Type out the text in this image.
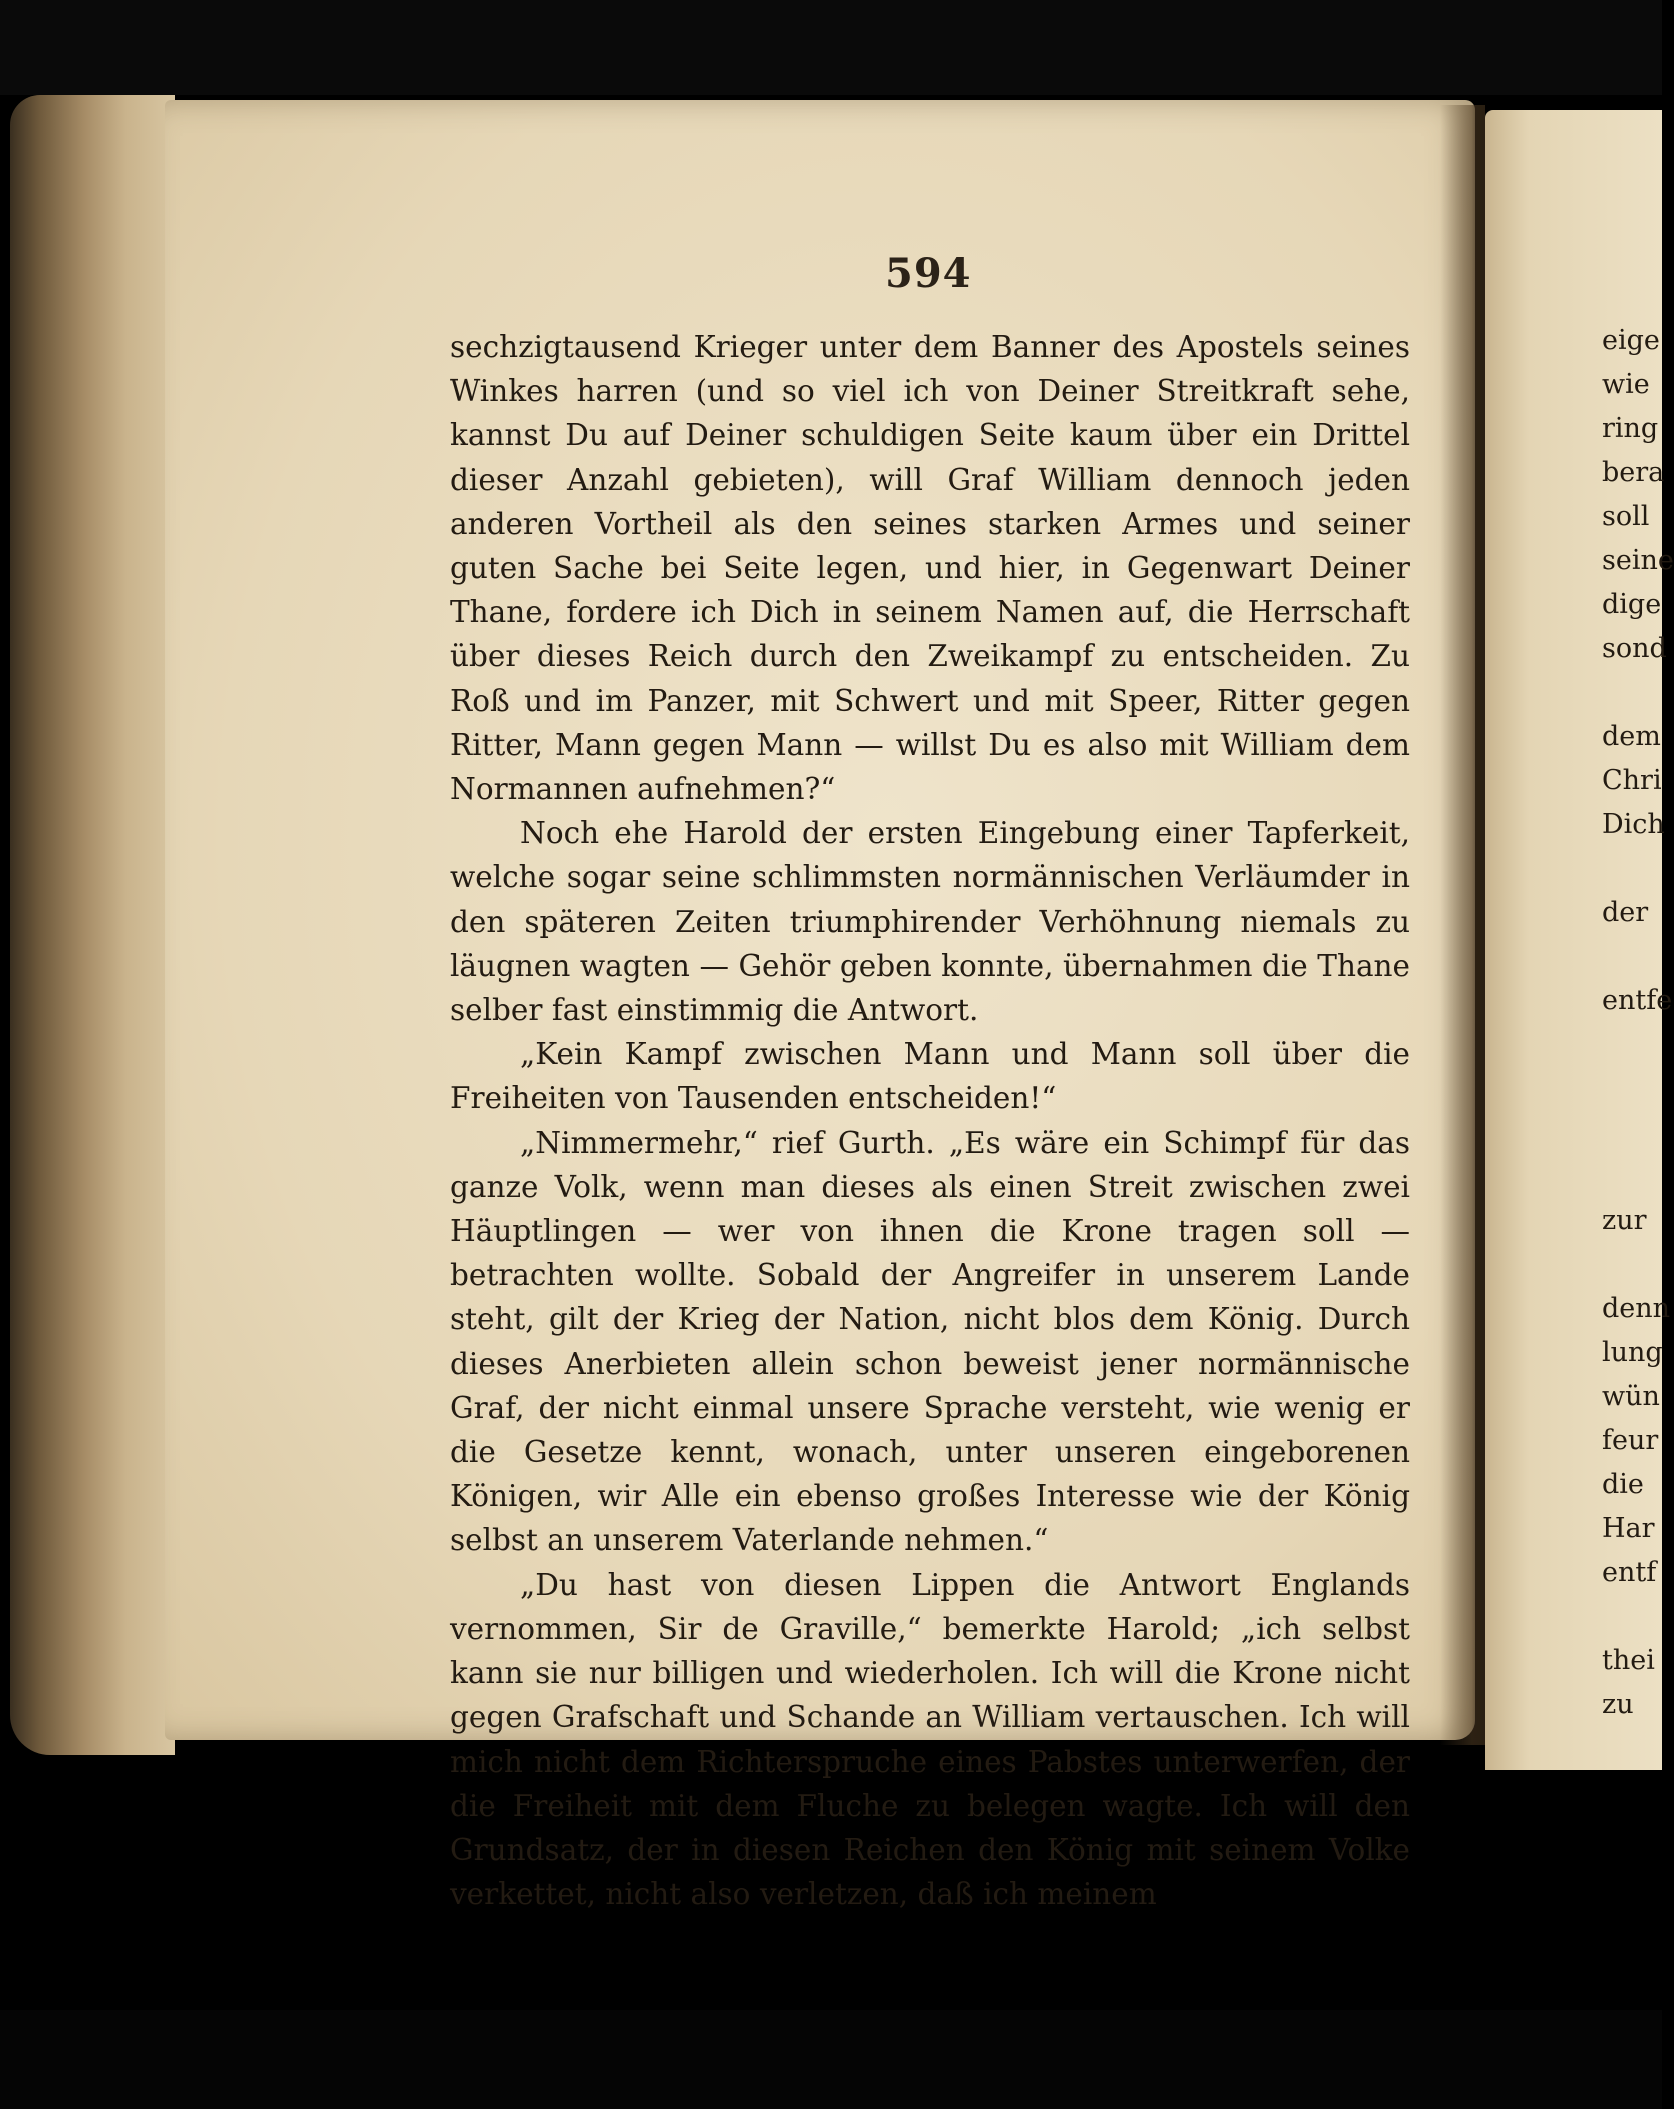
594

sechzigtausend Krieger unter dem Banner des Apostels seines Winkes harren (und so viel ich von Deiner Streitkraft sehe, kannst Du auf Deiner schuldigen Seite kaum über ein Drittel dieser Anzahl gebieten), will Graf William dennoch jeden anderen Vortheil als den seines starken Armes und seiner guten Sache bei Seite legen, und hier, in Gegenwart Deiner Thane, fordere ich Dich in seinem Namen auf, die Herrschaft über dieses Reich durch den Zweikampf zu entscheiden. Zu Roß und im Panzer, mit Schwert und mit Speer, Ritter gegen Ritter, Mann gegen Mann — willst Du es also mit William dem Normannen aufnehmen?“

Noch ehe Harold der ersten Eingebung einer Tapferkeit, welche sogar seine schlimmsten normännischen Verläumder in den späteren Zeiten triumphirender Verhöhnung niemals zu läugnen wagten — Gehör geben konnte, übernahmen die Thane selber fast einstimmig die Antwort.

„Kein Kampf zwischen Mann und Mann soll über die Freiheiten von Tausenden entscheiden!“

„Nimmermehr,“ rief Gurth. „Es wäre ein Schimpf für das ganze Volk, wenn man dieses als einen Streit zwischen zwei Häuptlingen — wer von ihnen die Krone tragen soll — betrachten wollte. Sobald der Angreifer in unserem Lande steht, gilt der Krieg der Nation, nicht blos dem König. Durch dieses Anerbieten allein schon beweist jener normännische Graf, der nicht einmal unsere Sprache versteht, wie wenig er die Gesetze kennt, wonach, unter unseren eingeborenen Königen, wir Alle ein ebenso großes Interesse wie der König selbst an unserem Vaterlande nehmen.“

„Du hast von diesen Lippen die Antwort Englands vernommen, Sir de Graville,“ bemerkte Harold; „ich selbst kann sie nur billigen und wiederholen. Ich will die Krone nicht gegen Grafschaft und Schande an William vertauschen. Ich will mich nicht dem Richterspruche eines Pabstes unterwerfen, der die Freiheit mit dem Fluche zu belegen wagte. Ich will den Grundsatz, der in diesen Reichen den König mit seinem Volke verkettet, nicht also verletzen, daß ich meinem

eige
wie
ring
bera
soll
seine
dige
sond
dem
Chri
Dich
der
entfe
zur
denn
lung
wün
feur
die
Har
entf
thei
zu
